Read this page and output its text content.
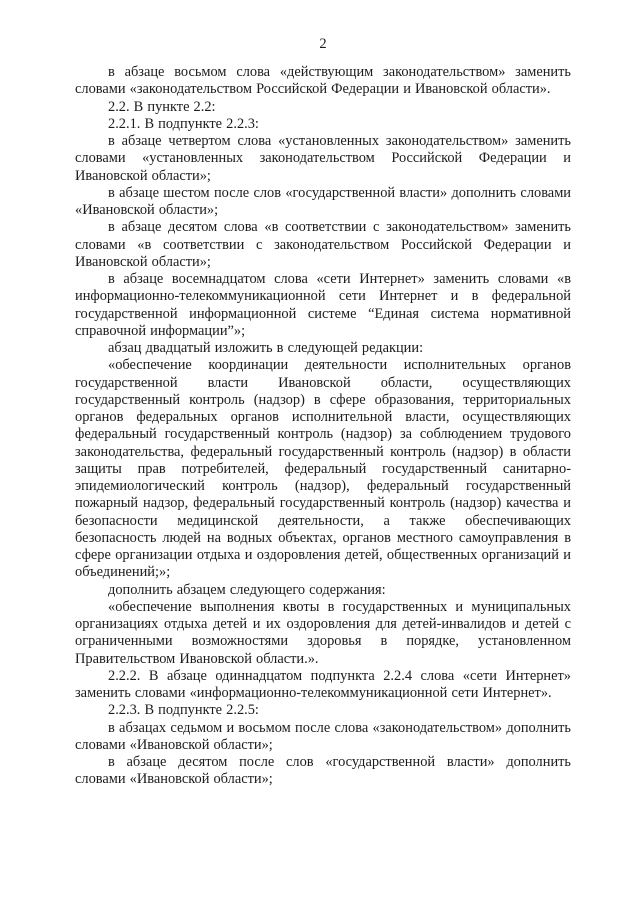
2

в абзаце восьмом слова «действующим законодательством» заменить словами «законодательством Российской Федерации и Ивановской области».

2.2. В пункте 2.2:

2.2.1. В подпункте 2.2.3:

в абзаце четвертом слова «установленных законодательством» заменить словами «установленных законодательством Российской Федерации и Ивановской области»;

в абзаце шестом после слов «государственной власти» дополнить словами «Ивановской области»;

в абзаце десятом слова «в соответствии с законодательством» заменить словами «в соответствии с законодательством Российской Федерации и Ивановской области»;

в абзаце восемнадцатом слова «сети Интернет» заменить словами «в информационно-телекоммуникационной сети Интернет и в федеральной государственной информационной системе “Единая система нормативной справочной информации”»;

абзац двадцатый изложить в следующей редакции:

«обеспечение координации деятельности исполнительных органов государственной власти Ивановской области, осуществляющих государственный контроль (надзор) в сфере образования, территориальных органов федеральных органов исполнительной власти, осуществляющих федеральный государственный контроль (надзор) за соблюдением трудового законодательства, федеральный государственный контроль (надзор) в области защиты прав потребителей, федеральный государственный санитарно-эпидемиологический контроль (надзор), федеральный государственный пожарный надзор, федеральный государственный контроль (надзор) качества и безопасности медицинской деятельности, а также обеспечивающих безопасность людей на водных объектах, органов местного самоуправления в сфере организации отдыха и оздоровления детей, общественных организаций и объединений;»;

дополнить абзацем следующего содержания:

«обеспечение выполнения квоты в государственных и муниципальных организациях отдыха детей и их оздоровления для детей-инвалидов и детей с ограниченными возможностями здоровья в порядке, установленном Правительством Ивановской области.».

2.2.2. В абзаце одиннадцатом подпункта 2.2.4 слова «сети Интернет» заменить словами «информационно-телекоммуникационной сети Интернет».

2.2.3. В подпункте 2.2.5:

в абзацах седьмом и восьмом после слова «законодательством» дополнить словами «Ивановской области»;

в абзаце десятом после слов «государственной власти» дополнить словами «Ивановской области»;
